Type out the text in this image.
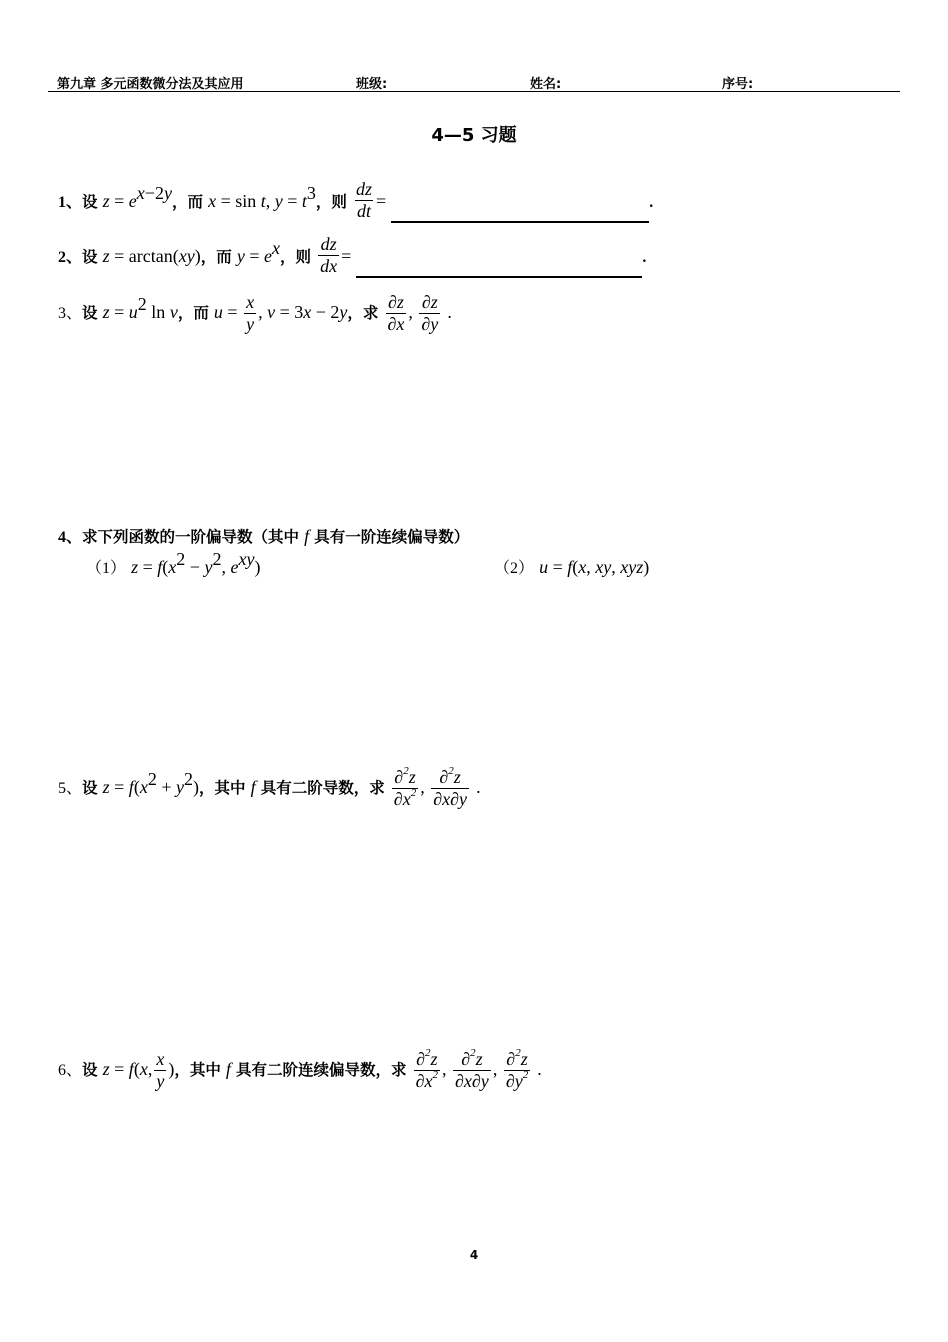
第九章 多元函数微分法及其应用	班级:	姓名:	序号:
4—5 习题
1、设 $z = e^{x-2y}$，而 x = sin t, $y = t^3$，则 $\frac{dz}{dt}$ =	.
2、设 z = arctan(xy)，而 $y = e^x$，则 $\frac{dz}{dx}$ =	.
3、设 $z = u^2$ ln v，而 $u = \frac{x}{y}$ , v = 3x − 2y，求 $\frac{\partial z}{\partial x}$ , $\frac{\partial z}{\partial y}$ .
4、求下列函数的一阶偏导数（其中 f 具有一阶连续偏导数）
（1） $z = f(x^2 - y^2$, $e^{xy}$)	（2） u = f(x, xy, xyz)
5、设 $z = f(x^2 + y^2)$，其中 f 具有二阶导数，求 $\frac{\partial^2z}{\partial x^2}$ , $\frac{\partial^2z}{\partial x\partial y}$ .
6、设 z = f(x, $\frac{x}{y}$ )，其中 f 具有二阶连续偏导数，求 $\frac{\partial^2z}{\partial x^2}$ , $\frac{\partial^2z}{\partial x\partial y}$ , $\frac{\partial^2z}{\partial y^2}$ .
4
